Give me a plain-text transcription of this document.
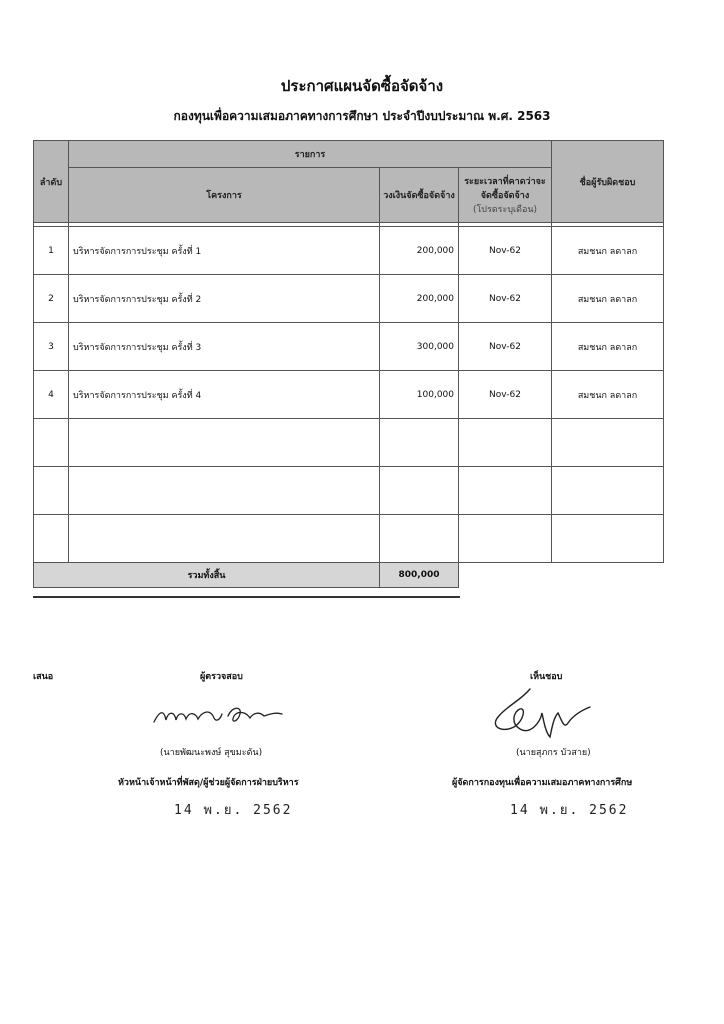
ประกาศแผนจัดซื้อจัดจ้าง
กองทุนเพื่อความเสมอภาคทางการศึกษา ประจำปีงบประมาณ พ.ศ. 2563
ลำดับ	รายการ			ชื่อผู้รับผิดชอบ
	โครงการ	วงเงินจัดซื้อจัดจ้าง	ระยะเวลาที่คาดว่าจะจัดซื้อจัดจ้าง
(โปรดระบุเดือน)	

1	บริหารจัดการการประชุม ครั้งที่ 1	200,000	Nov-62	สมชนก ลดาลก
2	บริหารจัดการการประชุม ครั้งที่ 2	200,000	Nov-62	สมชนก ลดาลก
3	บริหารจัดการการประชุม ครั้งที่ 3	300,000	Nov-62	สมชนก ลดาลก
4	บริหารจัดการการประชุม ครั้งที่ 4	100,000	Nov-62	สมชนก ลดาลก

รวมทั้งสิ้น		800,000		
เสนอ	ผู้ตรวจสอบ
(นายพัฒนะพงษ์ สุขมะดัน)
หัวหน้าเจ้าหน้าที่พัสดุ/ผู้ช่วยผู้จัดการฝ่ายบริหาร
14 พ.ย. 2562
เห็นชอบ
(นายสุภกร บัวสาย)
ผู้จัดการกองทุนเพื่อความเสมอภาคทางการศึกษ
14 พ.ย. 2562
